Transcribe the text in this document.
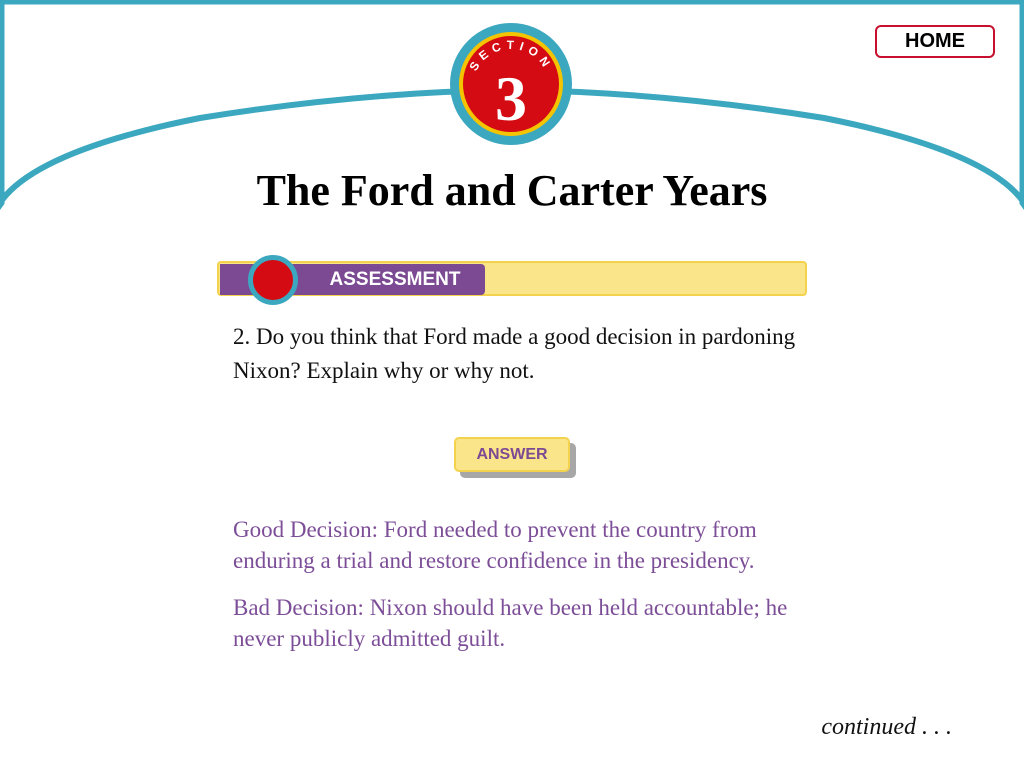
HOME
SECTION
3
The Ford and Carter Years
ASSESSMENT
2. Do you think that Ford made a good decision in pardoning Nixon? Explain why or why not.
ANSWER
Good Decision: Ford needed to prevent the country from enduring a trial and restore confidence in the presidency.
Bad Decision: Nixon should have been held accountable; he never publicly admitted guilt.
continued . . .
